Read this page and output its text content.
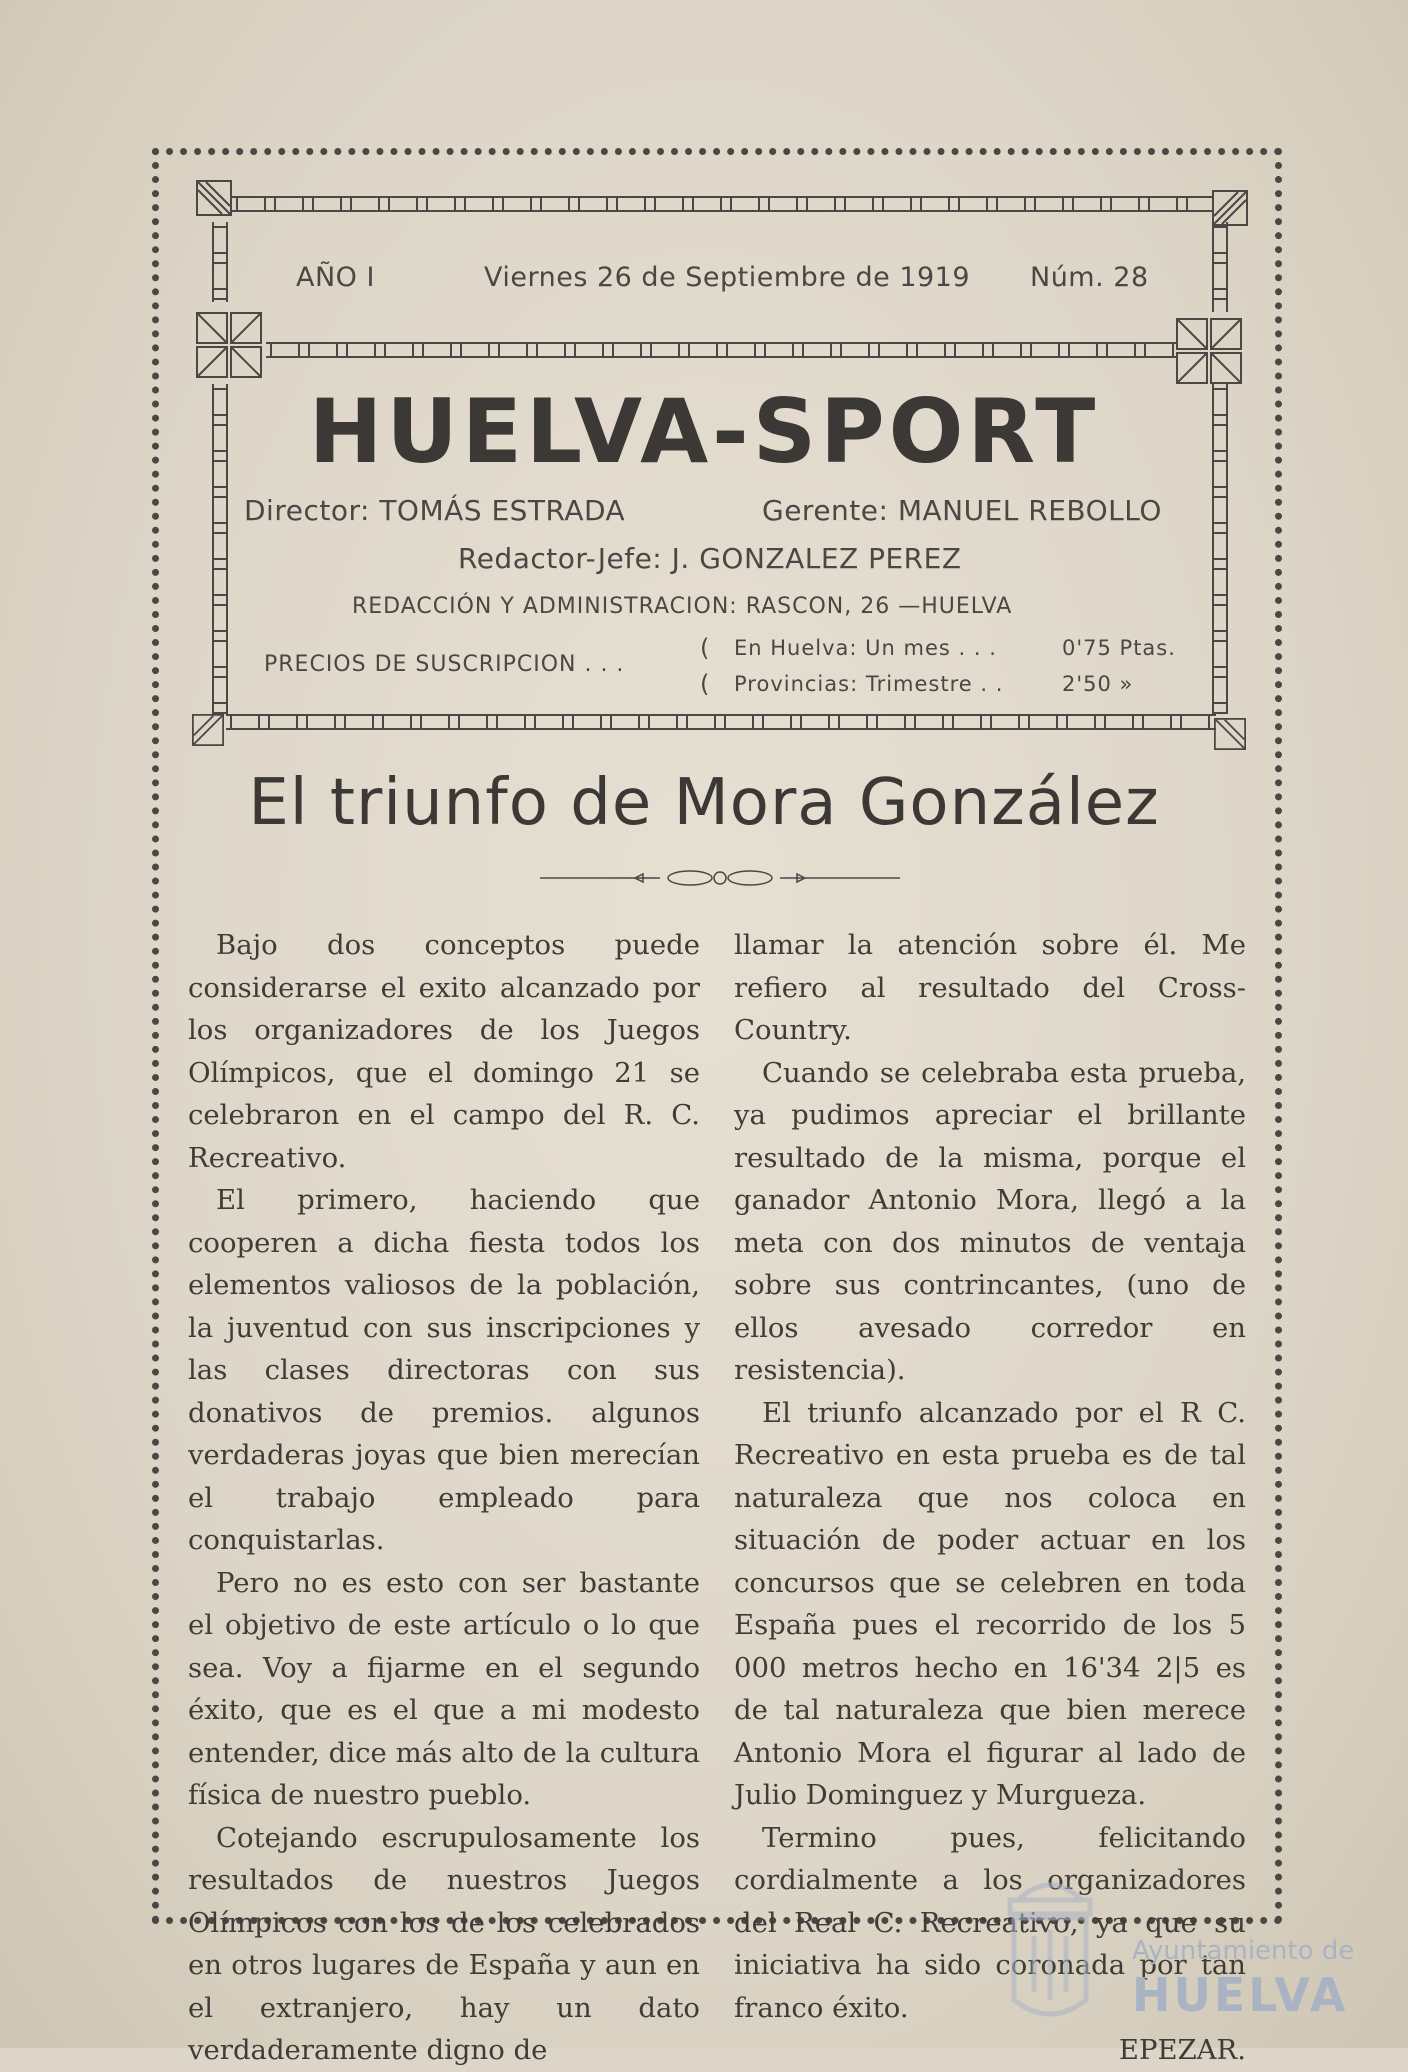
AÑO I	Viernes 26 de Septiembre de 1919 Núm. 28
HUELVA-SPORT
Director: TOMÁS ESTRADA	Gerente: MANUEL REBOLLO
Redactor-Jefe: J. GONZALEZ PEREZ
REDACCIÓN Y ADMINISTRACION: RASCON, 26 —HUELVA
PRECIOS DE SUSCRIPCION . . .
( En Huelva: Un mes . . .	0'75 Ptas.
( Provincias: Trimestre . .	2'50 »
El triunfo de Mora González

Bajo dos conceptos puede considerarse el exito alcanzado por los organizadores de los Juegos Olímpicos, que el domingo 21 se celebraron en el campo del R. C. Recreativo.

El primero, haciendo que cooperen a dicha fiesta todos los elementos valiosos de la población, la juventud con sus inscripciones y las clases directoras con sus donativos de premios. algunos verdaderas joyas que bien merecían el trabajo empleado para conquistarlas.

Pero no es esto con ser bastante el objetivo de este artículo o lo que sea. Voy a fijarme en el segundo éxito, que es el que a mi modesto entender, dice más alto de la cultura física de nuestro pueblo.

Cotejando escrupulosamente los resultados de nuestros Juegos Olímpicos con los de los celebrados en otros lugares de España y aun en el extranjero, hay un dato verdaderamente digno de

llamar la atención sobre él. Me refiero al resultado del Cross-Country.

Cuando se celebraba esta prueba, ya pudimos apreciar el brillante resultado de la misma, porque el ganador Antonio Mora, llegó a la meta con dos minutos de ventaja sobre sus contrincantes, (uno de ellos avesado corredor en resistencia).

El triunfo alcanzado por el R C. Recreativo en esta prueba es de tal naturaleza que nos coloca en situación de poder actuar en los concursos que se celebren en toda España pues el recorrido de los 5 000 metros hecho en 16'34 2|5 es de tal naturaleza que bien merece Antonio Mora el figurar al lado de Julio Dominguez y Murgueza.

Termino pues, felicitando cordialmente a los organizadores del Real C. Recreativo, ya que su iniciativa ha sido coronada por tan franco éxito.

EPEZAR.

Ayuntamiento de
HUELVA
